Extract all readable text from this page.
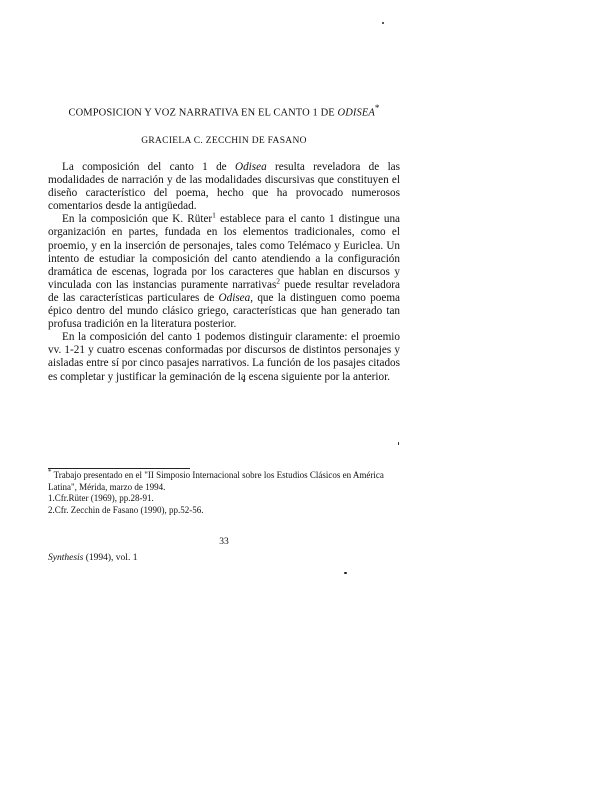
COMPOSICION Y VOZ NARRATIVA EN EL CANTO 1 DE ODISEA*
GRACIELA C. ZECCHIN DE FASANO

La composición del canto 1 de Odisea resulta reveladora de las modalidades de narración y de las modalidades discursivas que constituyen el diseño característico del poema, hecho que ha provocado numerosos comentarios desde la antigüedad.

En la composición que K. Rüter$^1$ establece para el canto 1 distingue una organización en partes, fundada en los elementos tradicionales, como el proemio, y en la inserción de personajes, tales como Telémaco y Euriclea. Un intento de estudiar la composición del canto atendiendo a la configuración dramática de escenas, lograda por los caracteres que hablan en discursos y vinculada con las instancias puramente narrativas$^2$ puede resultar reveladora de las características particulares de Odisea, que la distinguen como poema épico dentro del mundo clásico griego, características que han generado tan profusa tradición en la literatura posterior.

En la composición del canto 1 podemos distinguir claramente: el proemio vv. 1-21 y cuatro escenas conformadas por discursos de distintos personajes y aisladas entre sí por cinco pasajes narrativos. La función de los pasajes citados es completar y justificar la geminación de la escena siguiente por la anterior.

* Trabajo presentado en el "II Simposio Internacional sobre los Estudios Clásicos en América Latina", Mérida, marzo de 1994.

1.Cfr.Rüter (1969), pp.28-91.

2.Cfr. Zecchin de Fasano (1990), pp.52-56.

33
Synthesis (1994), vol. 1
